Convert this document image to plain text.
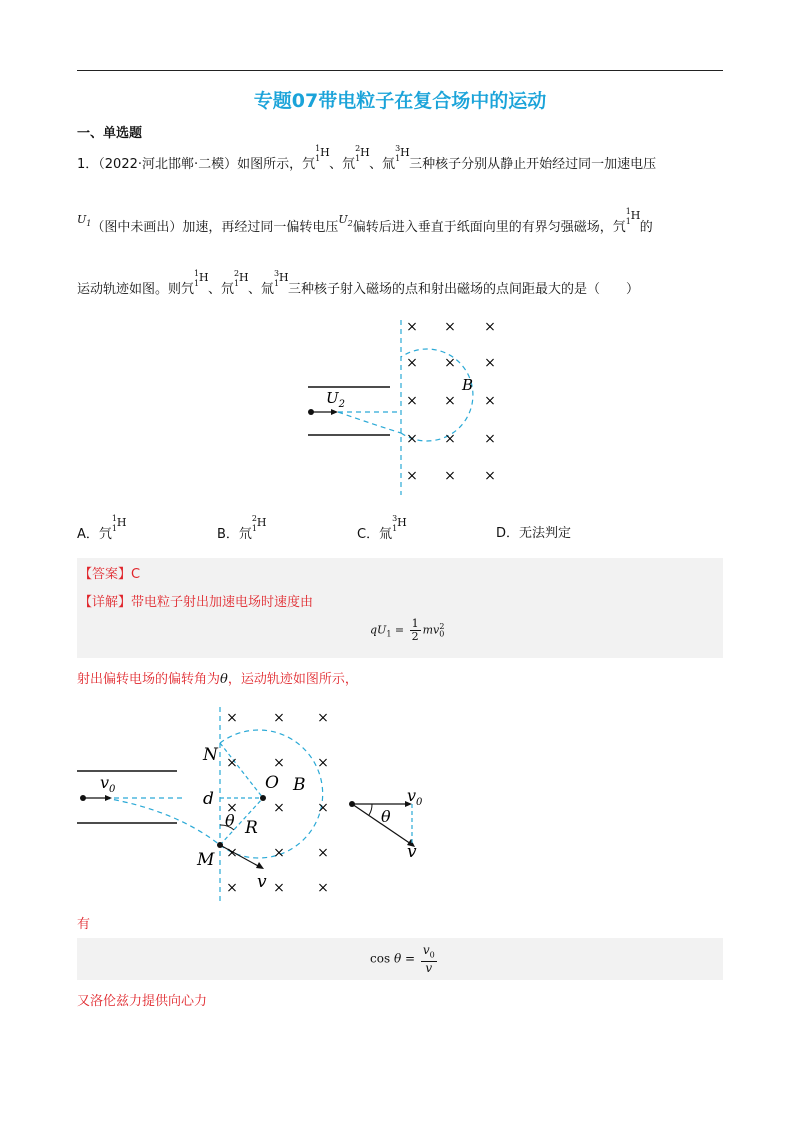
专题07带电粒子在复合场中的运动
一、单选题
1．（2022·河北邯郸·二模）如图所示，氕
1
1 H
、氘
2
1 H
、氚
3
1 H
三种核子分别从静止开始经过同一加速电压
$^{U_1}$（图中未画出）加速，再经过同一偏转电压$^{U_2}$偏转后进入垂直于纸面向里的有界匀强磁场，氕
1
1 H
的
运动轨迹如图。则氕
1
1 H
、氘
2
1 H
、氚
3
1 H
三种核子射入磁场的点和射出磁场的点间距最大的是（　　）
$U_2$
B
× × ×
× × ×
× × ×
× × ×
× × ×
A．氕
1
1 H
B．氘
2
1 H
C．氚
3
1 H
D．无法判定
【答案】C
【详解】带电粒子射出加速电场时速度由
$qU_1 = \frac{1}{2} mv_0^2$
射出偏转电场的偏转角为θ，运动轨迹如图所示，
$v_0$
N
O B
d
θ R
M
v
×	× ×
×	× ×
×	× ×
×	× ×
×	× ×
θ
$v_0$
v
有
$\cos \theta = \frac{v_0}{v}$
又洛伦兹力提供向心力
